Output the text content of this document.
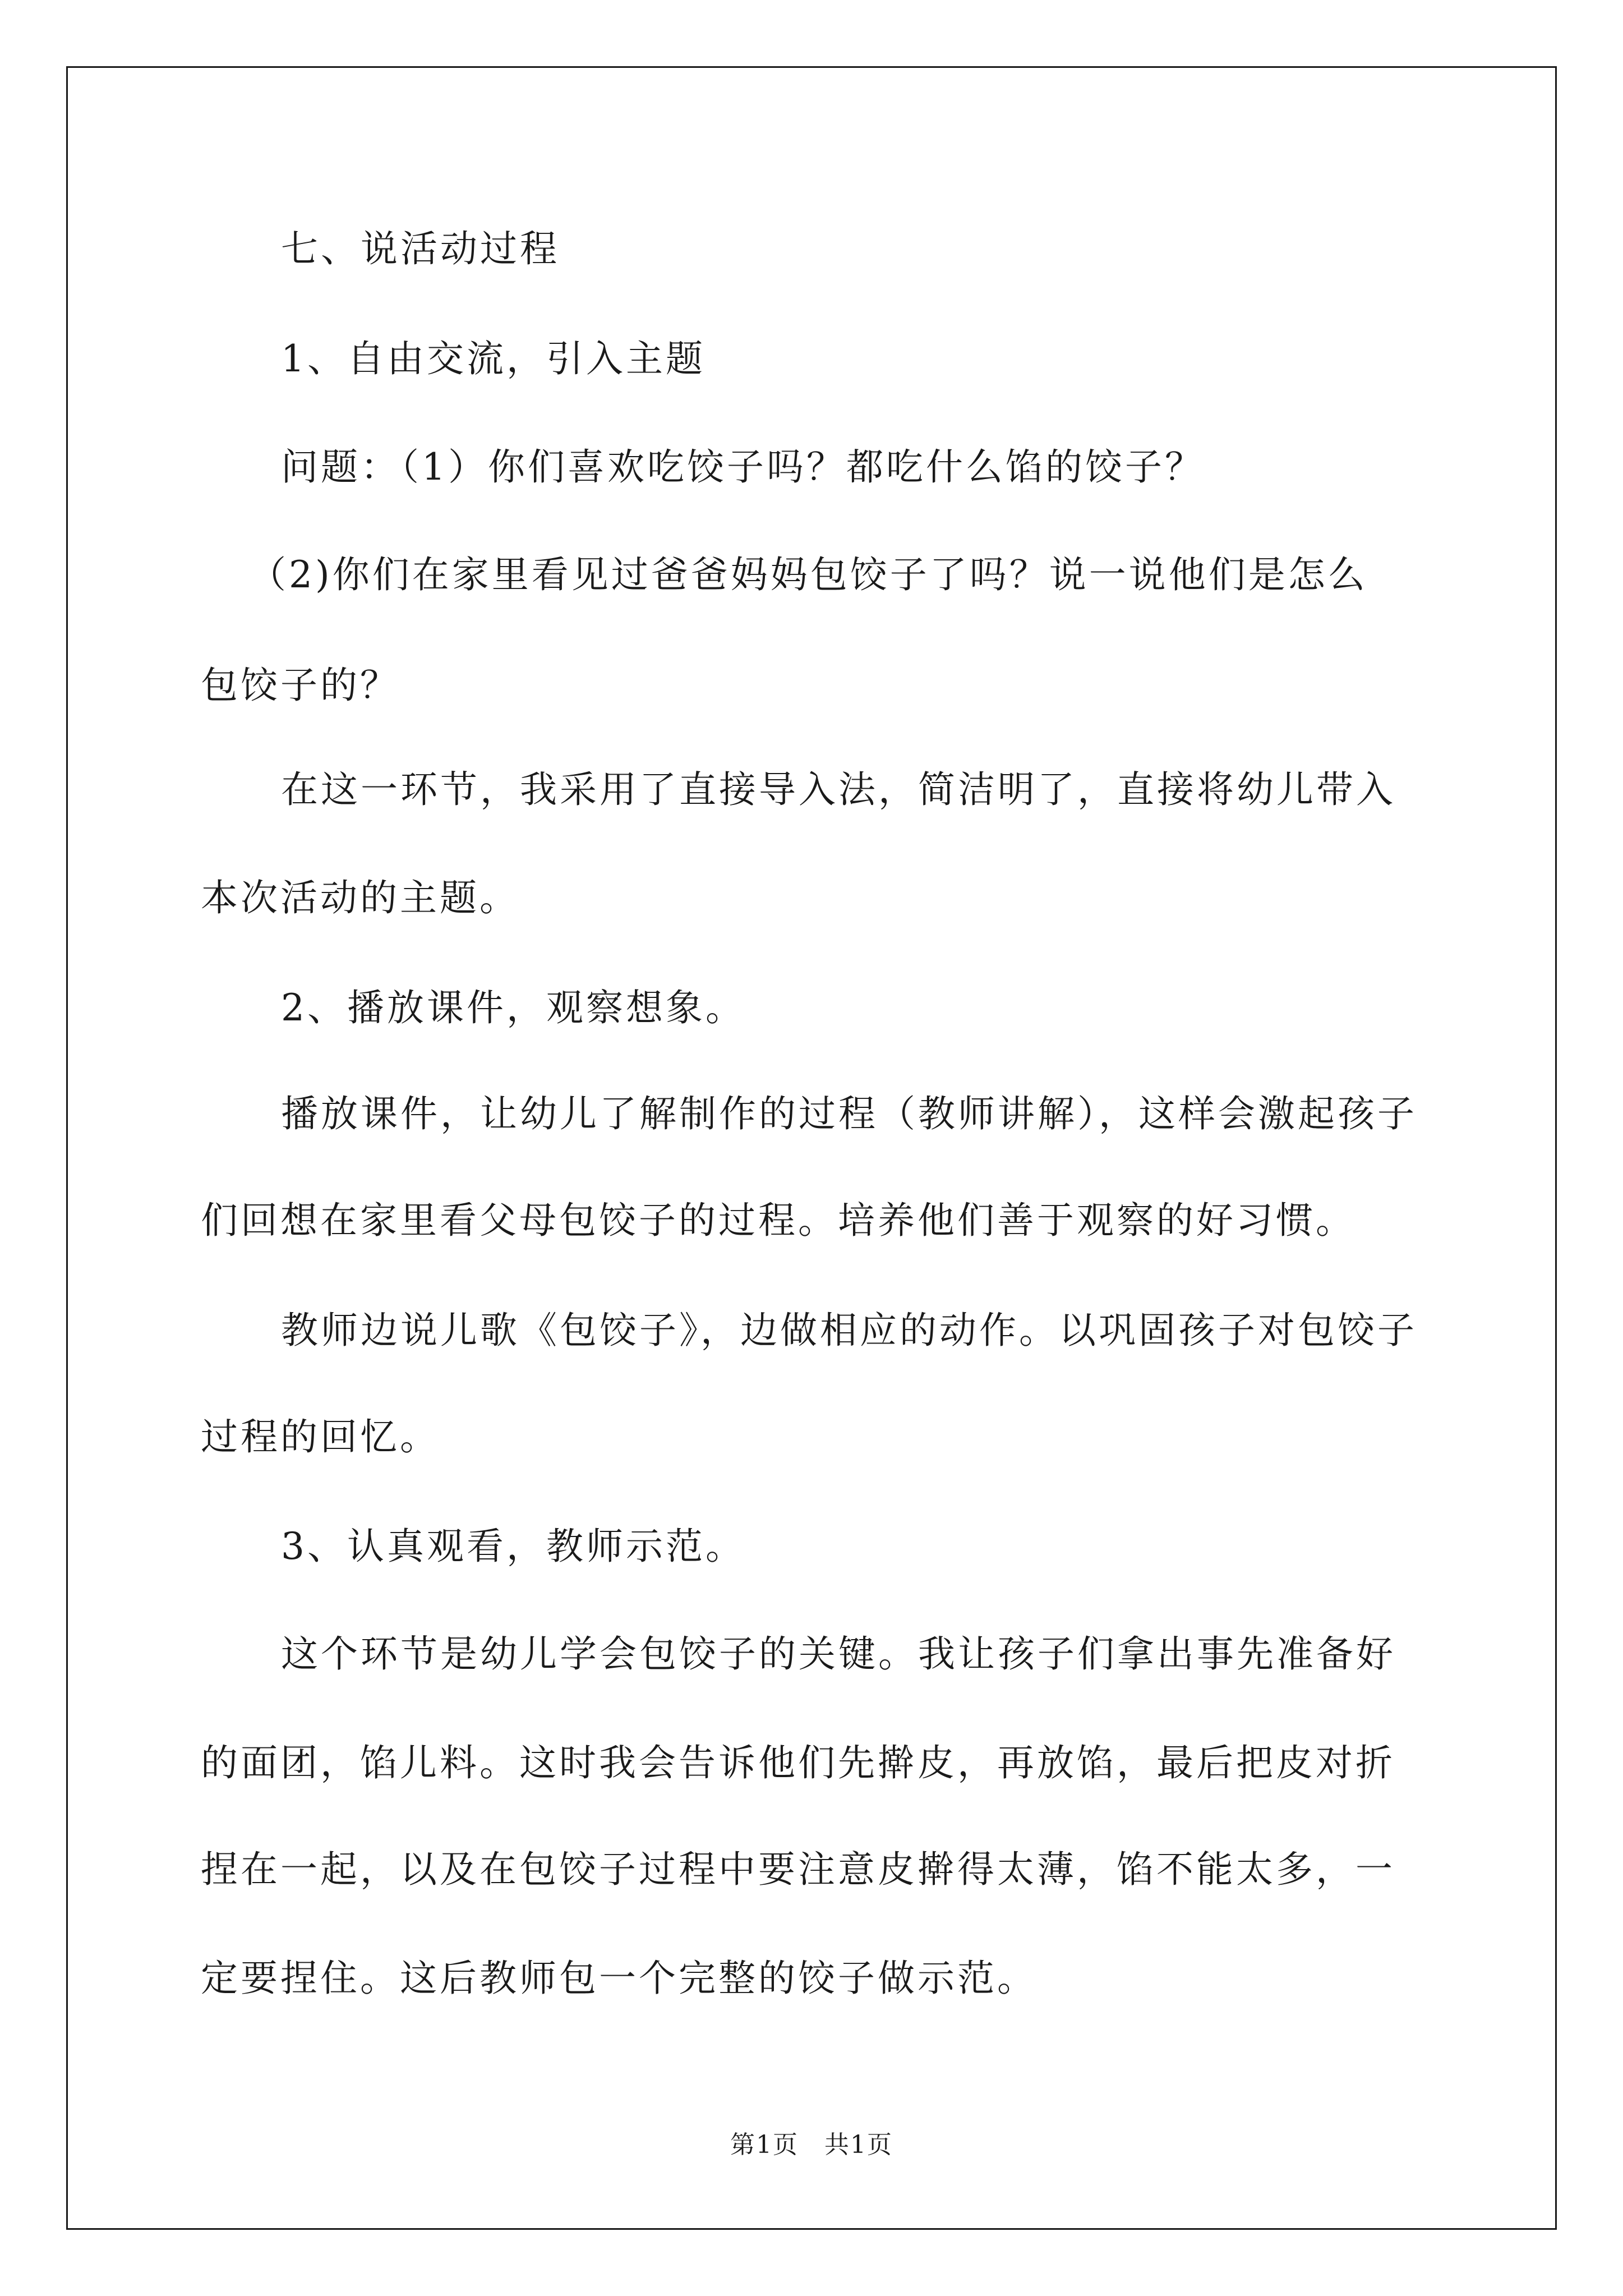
七、说活动过程
1、自由交流，引入主题
问题：（1）你们喜欢吃饺子吗？都吃什么馅的饺子？
（2)你们在家里看见过爸爸妈妈包饺子了吗？说一说他们是怎么
包饺子的？
在这一环节，我采用了直接导入法，简洁明了，直接将幼儿带入
本次活动的主题。
2、播放课件，观察想象。
播放课件，让幼儿了解制作的过程（教师讲解），这样会激起孩子
们回想在家里看父母包饺子的过程。培养他们善于观察的好习惯。
教师边说儿歌《包饺子》，边做相应的动作。以巩固孩子对包饺子
过程的回忆。
3、认真观看，教师示范。
这个环节是幼儿学会包饺子的关键。我让孩子们拿出事先准备好
的面团，馅儿料。这时我会告诉他们先擀皮，再放馅，最后把皮对折
捏在一起，以及在包饺子过程中要注意皮擀得太薄，馅不能太多，一
定要捏住。这后教师包一个完整的饺子做示范。
第1页 共1页
